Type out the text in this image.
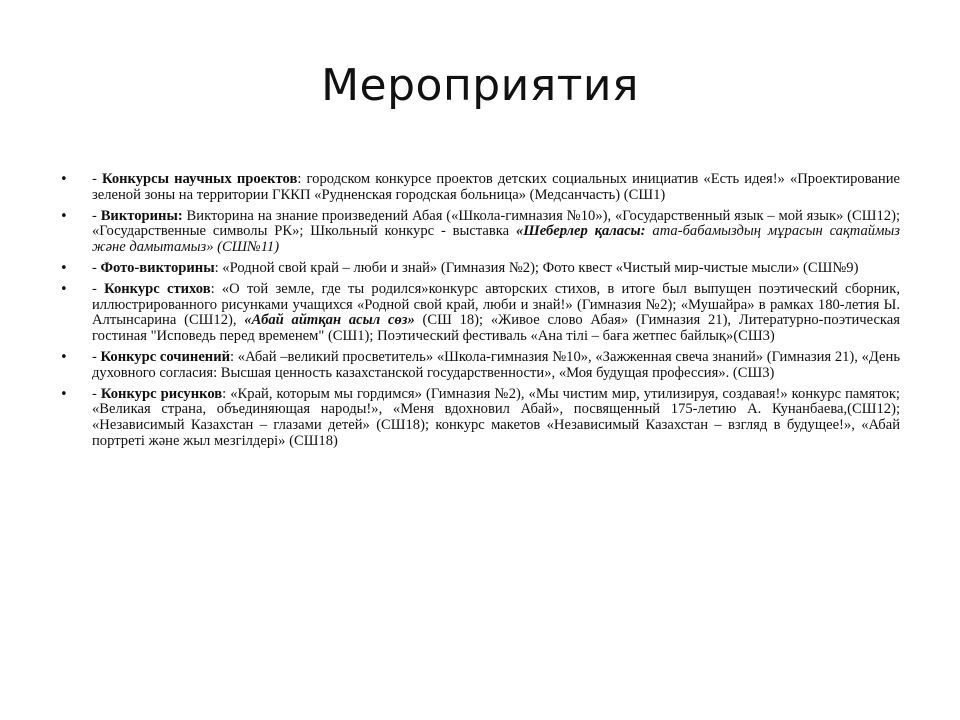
Мероприятия
• - Конкурсы научных проектов: городском конкурсе проектов детских социальных инициатив «Есть идея!» «Проектирование зеленой зоны на территории ГККП «Рудненская городская больница» (Медсанчасть) (СШ1)
• - Викторины: Викторина на знание произведений Абая («Школа-гимназия №10»), «Государственный язык – мой язык» (СШ12); «Государственные символы РК»; Школьный конкурс - выставка «Шеберлер қаласы: ата-бабамыздың мұрасын сақтаймыз және дамытамыз» (СШ№11)
• - Фото-викторины: «Родной свой край – люби и знай» (Гимназия №2); Фото квест «Чистый мир-чистые мысли» (СШ№9)
• - Конкурс стихов: «О той земле, где ты родился»конкурс авторских стихов, в итоге был выпущен поэтический сборник, иллюстрированного рисунками учащихся «Родной свой край, люби и знай!» (Гимназия №2); «Мушайра» в рамках 180-летия Ы. Алтынсарина (СШ12), «Абай айтқан асыл сөз» (СШ 18); «Живое слово Абая» (Гимназия 21), Литературно-поэтическая гостиная "Исповедь перед временем" (СШ1); Поэтический фестиваль «Ана тілі – бағa жетпес байлық»(СШ3)
• - Конкурс сочинений: «Абай –великий просветитель» «Школа-гимназия №10», «Зажженная свеча знаний» (Гимназия 21), «День духовного согласия: Высшая ценность казахстанской государственности», «Моя будущая профессия». (СШ3)
• - Конкурс рисунков: «Край, которым мы гордимся» (Гимназия №2), «Мы чистим мир, утилизируя, создавая!» конкурс памяток; «Великая страна, объединяющая народы!», «Меня вдохновил Абай», посвященный 175-летию А. Кунанбаева,(СШ12); «Независимый Казахстан – глазами детей» (СШ18); конкурс макетов «Независимый Казахстан – взгляд в будущее!», «Абай портреті және жыл мезгілдері» (СШ18)
